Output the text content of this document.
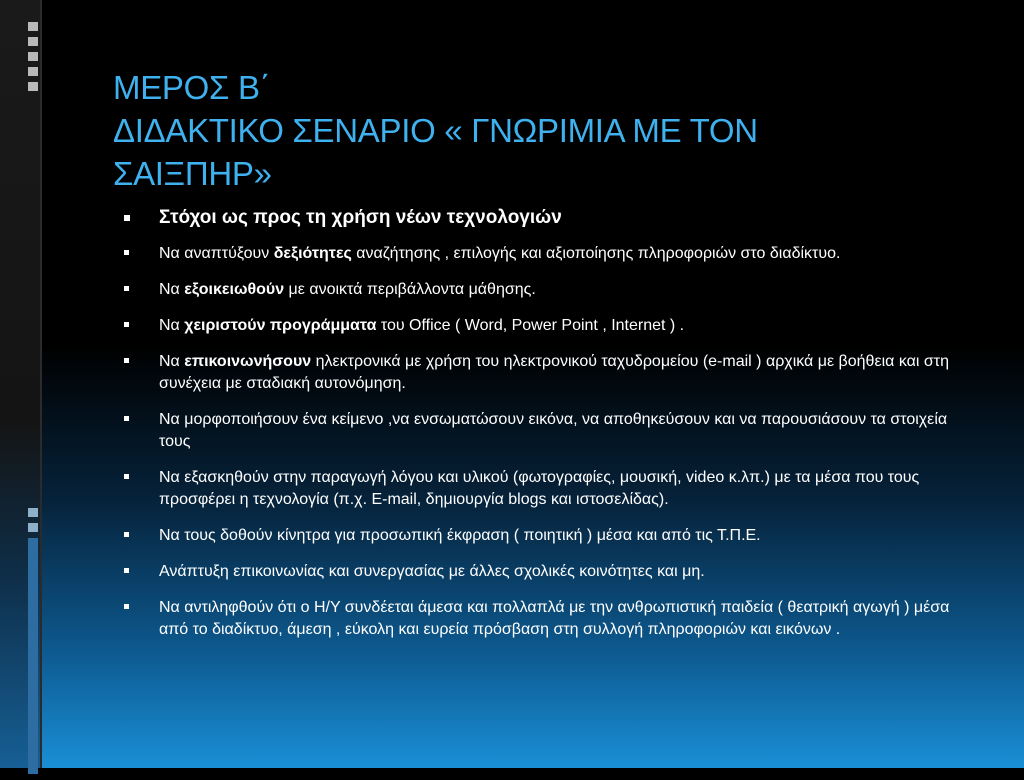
ΜΕΡΟΣ Β΄
ΔΙΔΑΚΤΙΚΟ ΣΕΝΑΡΙΟ « ΓΝΩΡΙΜΙΑ ΜΕ ΤΟΝ
ΣΑΙΞΠΗΡ»
Στόχοι ως προς τη χρήση νέων τεχνολογιών
Να αναπτύξουν δεξιότητες αναζήτησης , επιλογής και αξιοποίησης πληροφοριών στο διαδίκτυο.
Να εξοικειωθούν με ανοικτά περιβάλλοντα μάθησης.
Να χειριστούν προγράμματα του Office ( Word, Power Point , Internet ) .
Να επικοινωνήσουν ηλεκτρονικά με χρήση του ηλεκτρονικού ταχυδρομείου (e-mail ) αρχικά με βοήθεια και στη συνέχεια με σταδιακή αυτονόμηση.
Να μορφοποιήσουν ένα κείμενο ,να ενσωματώσουν εικόνα, να αποθηκεύσουν και να παρουσιάσουν τα στοιχεία τους
Να εξασκηθούν στην παραγωγή λόγου και υλικού (φωτογραφίες, μουσική, video κ.λπ.) με τα μέσα που τους προσφέρει η τεχνολογία (π.χ. E-mail, δημιουργία blogs και ιστοσελίδας).
Να τους δοθούν κίνητρα για προσωπική έκφραση ( ποιητική ) μέσα και από τις Τ.Π.Ε.
Ανάπτυξη επικοινωνίας και συνεργασίας με άλλες σχολικές κοινότητες και μη.
Να αντιληφθούν ότι ο Η/Υ συνδέεται άμεσα και πολλαπλά με την ανθρωπιστική παιδεία ( θεατρική αγωγή ) μέσα από το διαδίκτυο, άμεση , εύκολη και ευρεία πρόσβαση στη συλλογή πληροφοριών και εικόνων .
